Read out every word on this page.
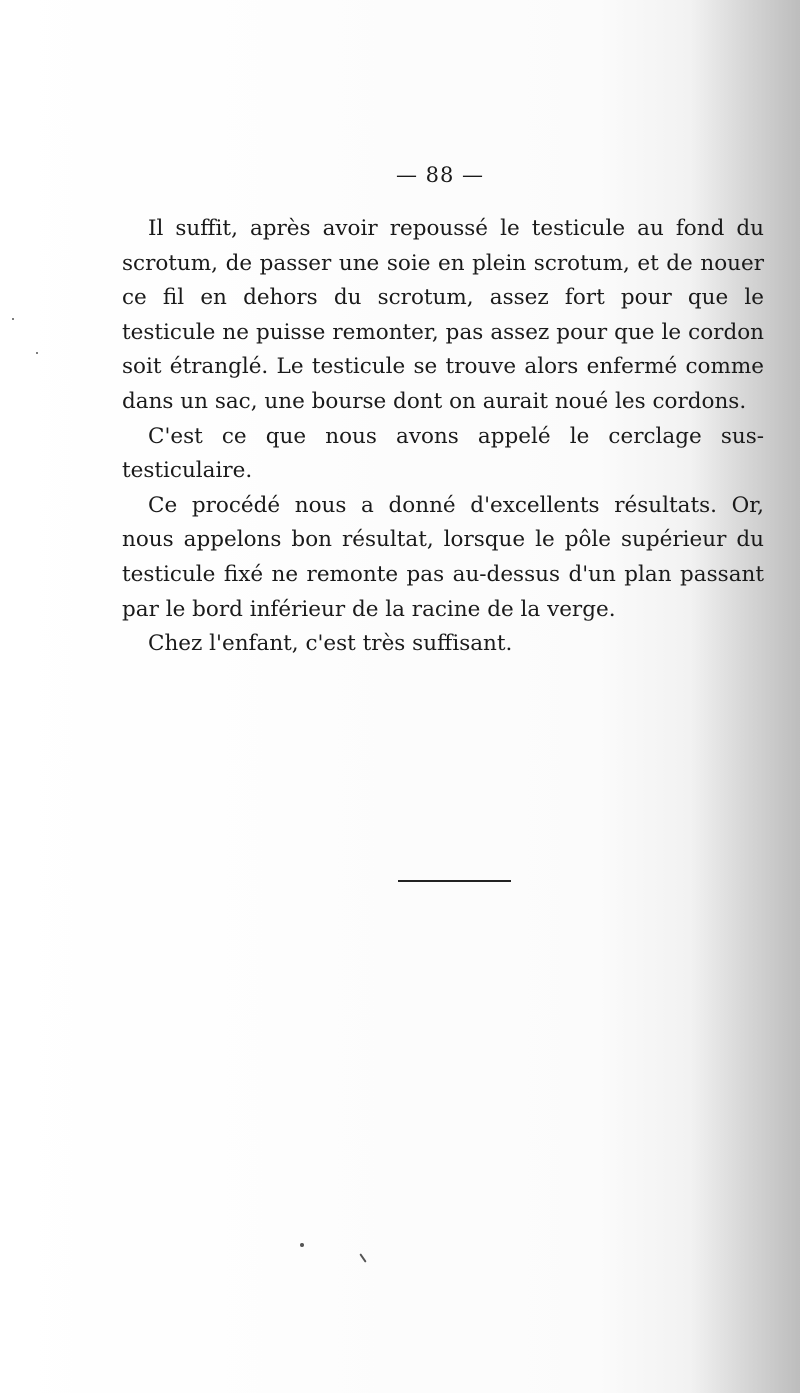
— 88 —

Il suffit, après avoir repoussé le testicule au fond du scrotum, de passer une soie en plein scrotum, et de nouer ce fil en dehors du scrotum, assez fort pour que le testicule ne puisse remonter, pas assez pour que le cordon soit étranglé. Le testicule se trouve alors enfermé comme dans un sac, une bourse dont on aurait noué les cordons.

C'est ce que nous avons appelé le cerclage sus-testiculaire.

Ce procédé nous a donné d'excellents résultats. Or, nous appelons bon résultat, lorsque le pôle supérieur du testicule fixé ne remonte pas au-dessus d'un plan passant par le bord inférieur de la racine de la verge.

Chez l'enfant, c'est très suffisant.
